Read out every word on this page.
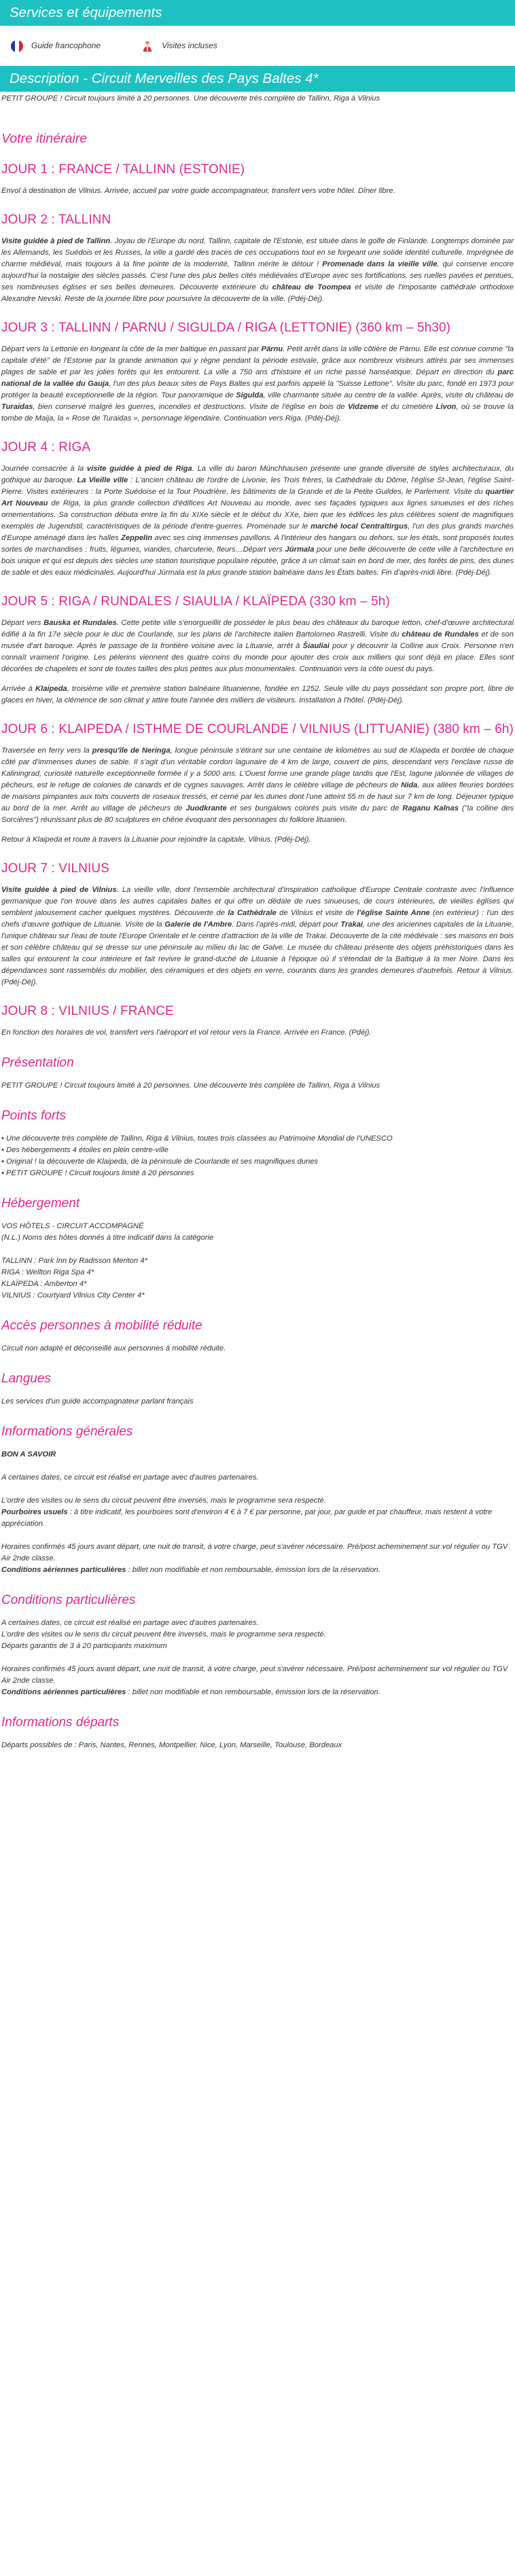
Services et équipements
Guide francophone	Visites incluses
Description - Circuit Merveilles des Pays Baltes 4*

PETIT GROUPE ! Circuit toujours limité à 20 personnes. Une découverte très complète de Tallinn, Riga à Vilnius

Votre itinéraire
JOUR 1 : FRANCE / TALLINN (ESTONIE)

Envol à destination de Vilnius. Arrivée, accueil par votre guide accompagnateur, transfert vers votre hôtel. Dîner libre.

JOUR 2 : TALLINN

Visite guidée à pied de Tallinn. Joyau de l'Europe du nord, Tallinn, capitale de l'Estonie, est située dans le golfe de Finlande. Longtemps dominée par les Allemands, les Suédois et les Russes, la ville a gardé des traces de ces occupations tout en se forgeant une solide identité culturelle. Imprégnée de charme médiéval, mais toujours à la fine pointe de la modernité, Tallinn mérite le détour ! Promenade dans la vieille ville, qui conserve encore aujourd'hui la nostalgie des siècles passés. C'est l'une des plus belles cités médiévales d'Europe avec ses fortifications, ses ruelles pavées et pentues, ses nombreuses églises et ses belles demeures. Découverte extérieure du château de Toompea et visite de l'imposante cathédrale orthodoxe Alexandre Nevski. Reste de la journée libre pour poursuivre la découverte de la ville. (Pdéj-Déj).

JOUR 3 : TALLINN / PARNU / SIGULDA / RIGA (LETTONIE) (360 km – 5h30)

Départ vers la Lettonie en longeant la côte de la mer baltique en passant par Pärnu. Petit arrêt dans la ville côtière de Pärnu. Elle est connue comme "la capitale d'été" de l'Estonie par la grande animation qui y règne pendant la période estivale, grâce aux nombreux visiteurs attirés par ses immenses plages de sable et par les jolies forêts qui les entourent. La ville a 750 ans d'histoire et un riche passé hanséatique. Départ en direction du parc national de la vallée du Gauja, l'un des plus beaux sites de Pays Baltes qui est parfois appelé la "Suisse Lettone". Visite du parc, fondé en 1973 pour protéger la beauté exceptionnelle de la région. Tour panoramique de Sigulda, ville charmante située au centre de la vallée. Après, visite du château de Turaidas, bien conservé malgré les guerres, incendies et destructions. Visite de l'église en bois de Vidzeme et du cimetière Livon, où se trouve la tombe de Maija, la « Rose de Turaidas », personnage légendaire. Continuation vers Riga. (Pdéj-Déj).

JOUR 4 : RIGA

Journée consacrée à la visite guidée à pied de Riga. La ville du baron Münchhausen présente une grande diversité de styles architecturaux, du gothique au baroque. La Vieille ville : L'ancien château de l'ordre de Livonie, les Trois frères, la Cathédrale du Dôme, l'église St-Jean, l'église Saint-Pierre. Visites extérieures : la Porte Suédoise et la Tour Poudrière, les bâtiments de la Grande et de la Petite Guildes, le Parlement. Visite du quartier Art Nouveau de Riga, la plus grande collection d'édifices Art Nouveau au monde, avec ses façades typiques aux lignes sinueuses et des riches ornementations. Sa construction débuta entre la fin du XIXe siècle et le début du XXe, bien que les édifices les plus célèbres soient de magnifiques exemples de Jugendstil, caractéristiques de la période d'entre-guerres. Promenade sur le marché local Centraltirgus, l'un des plus grands marchés d'Europe aménagé dans les halles Zeppelin avec ses cinq immenses pavillons. A l'intérieur des hangars ou dehors, sur les étals, sont proposés toutes sortes de marchandises : fruits, légumes, viandes, charcuterie, fleurs…Départ vers Jūrmala pour une belle découverte de cette ville à l'architecture en bois unique et qui est depuis des siècles une station touristique populaire réputée, grâce à un climat sain en bord de mer, des forêts de pins, des dunes de sable et des eaux médicinales. Aujourd'hui Jūrmala est la plus grande station balnéaire dans les États baltes. Fin d'après-midi libre. (Pdéj-Déj).

JOUR 5 : RIGA / RUNDALES / SIAULIA / KLAÏPEDA (330 km – 5h)

Départ vers Bauska et Rundales. Cette petite ville s'enorgueillit de posséder le plus beau des châteaux du baroque letton, chef-d'œuvre architectural édifié à la fin 17e siècle pour le duc de Courlande, sur les plans de l'architecte italien Bartolomeo Rastrelli. Visite du château de Rundales et de son musée d'art baroque. Après le passage de la frontière voisine avec la Lituanie, arrêt à Šiauliai pour y découvrir la Colline aux Croix. Personne n'en connaît vraiment l'origine. Les pèlerins viennent des quatre coins du monde pour ajouter des croix aux milliers qui sont déjà en place. Elles sont décorées de chapelets et sont de toutes tailles des plus petites aux plus monumentales. Continuation vers la côte ouest du pays.

Arrivée à Klaipeda, troisième ville et première station balnéaire lituanienne, fondée en 1252. Seule ville du pays possédant son propre port, libre de glaces en hiver, la clémence de son climat y attire toute l'année des milliers de visiteurs. Installation à l'hôtel. (Pdéj-Déj).

JOUR 6 : KLAIPEDA / ISTHME DE COURLANDE / VILNIUS (LITTUANIE) (380 km – 6h)

Traversée en ferry vers la presqu'île de Neringa, longue péninsule s'étirant sur une centaine de kilomètres au sud de Klaipeda et bordée de chaque côté par d'immenses dunes de sable. Il s'agit d'un véritable cordon lagunaire de 4 km de large, couvert de pins, descendant vers l'enclave russe de Kaliningrad, curiosité naturelle exceptionnelle formée il y a 5000 ans. L'Ouest forme une grande plage tandis que l'Est, lagune jalonnée de villages de pêcheurs, est le refuge de colonies de canards et de cygnes sauvages. Arrêt dans le célèbre village de pêcheurs de Nida, aux allées fleuries bordées de maisons pimpantes aux toits couverts de roseaux tressés, et cerné par les dunes dont l'une atteint 55 m de haut sur 7 km de long. Déjeuner typique au bord de la mer. Arrêt au village de pêcheurs de Juodkrante et ses bungalows colorés puis visite du parc de Raganu Kalnas ("la colline des Sorcières") réunissant plus de 80 sculptures en chêne évoquant des personnages du folklore lituanien.

Retour à Klaipeda et route à travers la Lituanie pour rejoindre la capitale, Vilnius. (Pdéj-Déj).

JOUR 7 : VILNIUS

Visite guidée à pied de Vilnius. La vieille ville, dont l'ensemble architectural d'inspiration catholique d'Europe Centrale contraste avec l'influence germanique que l'on trouve dans les autres capitales baltes et qui offre un dédale de rues sinueuses, de cours intérieures, de vieilles églises qui semblent jalousement cacher quelques mystères. Découverte de la Cathédrale de Vilnius et visite de l'église Sainte Anne (en extérieur) : l'un des chefs d'œuvre gothique de Lituanie. Visite de la Galerie de l'Ambre. Dans l'après-midi, départ pour Trakai, une des anciennes capitales de la Lituanie, l'unique château sur l'eau de toute l'Europe Orientale et le centre d'attraction de la ville de Trakai. Découverte de la cité médiévale : ses maisons en bois et son célèbre château qui se dresse sur une péninsule au milieu du lac de Galve. Le musée du château présente des objets préhistoriques dans les salles qui entourent la cour intérieure et fait revivre le grand-duché de Lituanie à l'époque où il s'étendait de la Baltique à la mer Noire. Dans les dépendances sont rassemblés du mobilier, des céramiques et des objets en verre, courants dans les grandes demeures d'autrefois. Retour à Vilnius. (Pdéj-Déj).

JOUR 8 : VILNIUS / FRANCE

En fonction des horaires de vol, transfert vers l'aéroport et vol retour vers la France. Arrivée en France. (Pdéj).

Présentation

PETIT GROUPE ! Circuit toujours limité à 20 personnes. Une découverte très complète de Tallinn, Riga à Vilnius

Points forts
• Une découverte très complète de Tallinn, Riga & Vilnius, toutes trois classées au Patrimoine Mondial de l'UNESCO
• Des hébergements 4 étoiles en plein centre-ville
• Original ! la découverte de Klaipeda, de la péninsule de Courlande et ses magnifiques dunes
• PETIT GROUPE ! Circuit toujours limité à 20 personnes
Hébergement
VOS HÔTELS - CIRCUIT ACCOMPAGNÉ
(N.L.) Noms des hôtes donnés à titre indicatif dans la catégorie
TALLINN : Park Inn by Radisson Meriton 4*
RIGA : Wellton Riga Spa 4*
KLAÏPEDA : Amberton 4*
VILNIUS : Courtyard Vilnius City Center 4*
Accès personnes à mobilité réduite

Circuit non adapté et déconseillé aux personnes à mobilité réduite.

Langues

Les services d'un guide accompagnateur parlant français

Informations générales
BON A SAVOIR
A certaines dates, ce circuit est réalisé en partage avec d'autres partenaires.
L'ordre des visites ou le sens du circuit peuvent être inversés, mais le programme sera respecté.
Pourboires usuels : à titre indicatif, les pourboires sont d'environ 4 € à 7 € par personne, par jour, par guide et par chauffeur, mais restent à votre appréciation.
Horaires confirmés 45 jours avant départ, une nuit de transit, à votre charge, peut s'avérer nécessaire. Pré/post acheminement sur vol régulier ou TGV Air 2nde classe.
Conditions aériennes particulières : billet non modifiable et non remboursable, émission lors de la réservation.
Conditions particulières
A certaines dates, ce circuit est réalisé en partage avec d'autres partenaires.
L'ordre des visites ou le sens du circuit peuvent être inversés, mais le programme sera respecté.
Départs garantis de 3 à 20 participants maximum
Horaires confirmés 45 jours avant départ, une nuit de transit, à votre charge, peut s'avérer nécessaire. Pré/post acheminement sur vol régulier ou TGV Air 2nde classe.
Conditions aériennes particulières : billet non modifiable et non remboursable, émission lors de la réservation.
Informations départs

Départs possibles de : Paris, Nantes, Rennes, Montpellier, Nice, Lyon, Marseille, Toulouse, Bordeaux
